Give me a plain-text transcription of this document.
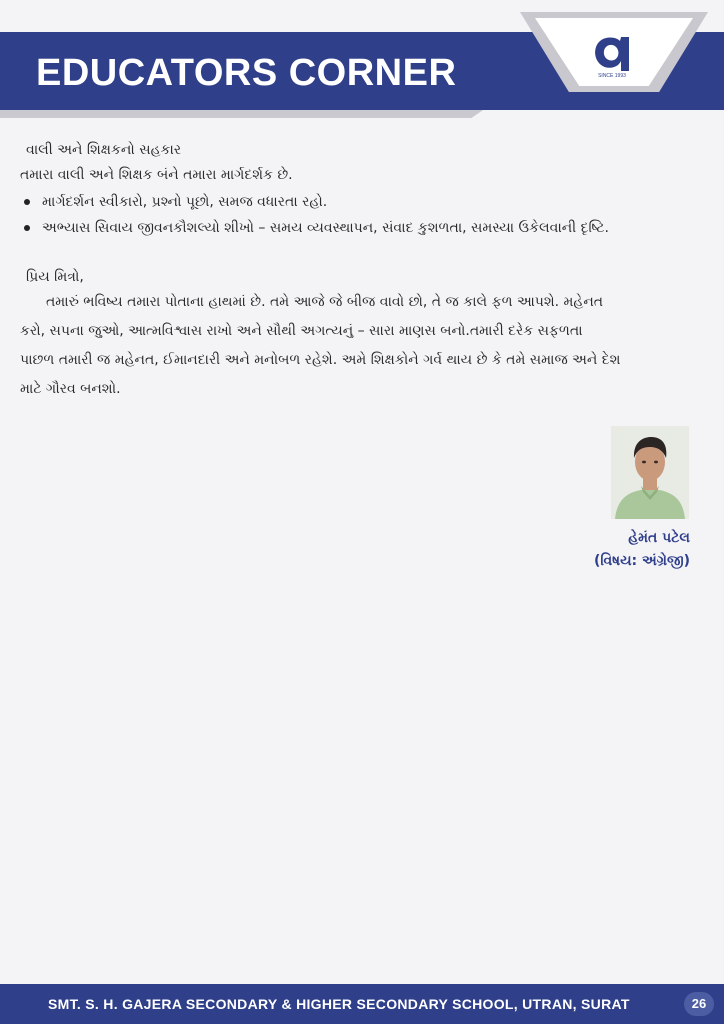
EDUCATORS CORNER	SINCE 1993
વાલી અને શિક્ષકનો સહકાર
તમારા વાલી અને શિક્ષક બંને તમારા માર્ગદર્શક છે.
માર્ગદર્શન સ્વીકારો, પ્રશ્નો પૂછો, સમજ વધારતા રહો.
અભ્યાસ સિવાય જીવનકૌશલ્યો શીખો – સમય વ્યવસ્થાપન, સંવાદ કુશળતા, સમસ્યા ઉકેલવાની દૃષ્ટિ.
પ્રિય મિત્રો,
તમારું ભવિષ્ય તમારા પોતાના હાથમાં છે. તમે આજે જે બીજ વાવો છો, તે જ કાલે ફળ આપશે. મહેનત
કરો, સપના જુઓ, આત્મવિશ્વાસ રાખો અને સૌથી અગત્યનું – સારા માણસ બનો.તમારી દરેક સફળતા
પાછળ તમારી જ મહેનત, ઈમાનદારી અને મનોબળ રહેશે. અમે શિક્ષકોને ગર્વ થાય છે કે તમે સમાજ અને દેશ
માટે ગૌરવ બનશો.
હેમંત પટેલ
(વિષય: અંગ્રેજી)
SMT. S. H. GAJERA SECONDARY & HIGHER SECONDARY SCHOOL, UTRAN, SURAT	26
